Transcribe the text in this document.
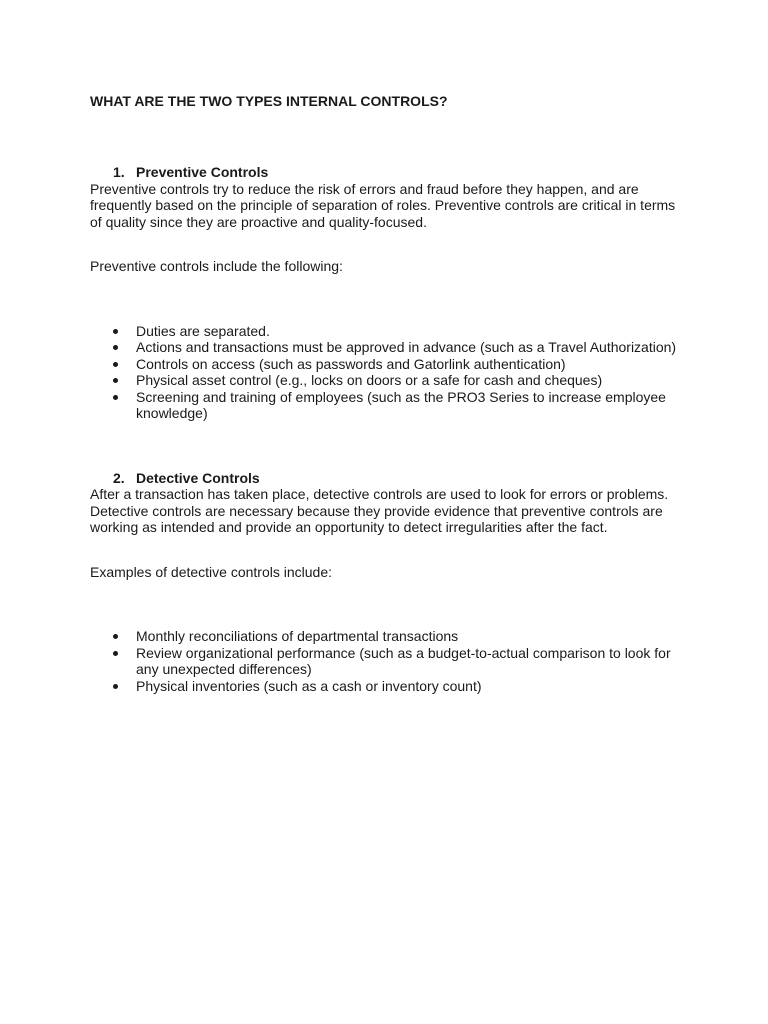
WHAT ARE THE TWO TYPES INTERNAL CONTROLS?

1. Preventive Controls

Preventive controls try to reduce the risk of errors and fraud before they happen, and are frequently based on the principle of separation of roles. Preventive controls are critical in terms of quality since they are proactive and quality-focused.

Preventive controls include the following:

Duties are separated.
Actions and transactions must be approved in advance (such as a Travel Authorization)
Controls on access (such as passwords and Gatorlink authentication)
Physical asset control (e.g., locks on doors or a safe for cash and cheques)
Screening and training of employees (such as the PRO3 Series to increase employee knowledge)

2. Detective Controls

After a transaction has taken place, detective controls are used to look for errors or problems. Detective controls are necessary because they provide evidence that preventive controls are working as intended and provide an opportunity to detect irregularities after the fact.

Examples of detective controls include:

Monthly reconciliations of departmental transactions
Review organizational performance (such as a budget-to-actual comparison to look for any unexpected differences)
Physical inventories (such as a cash or inventory count)
